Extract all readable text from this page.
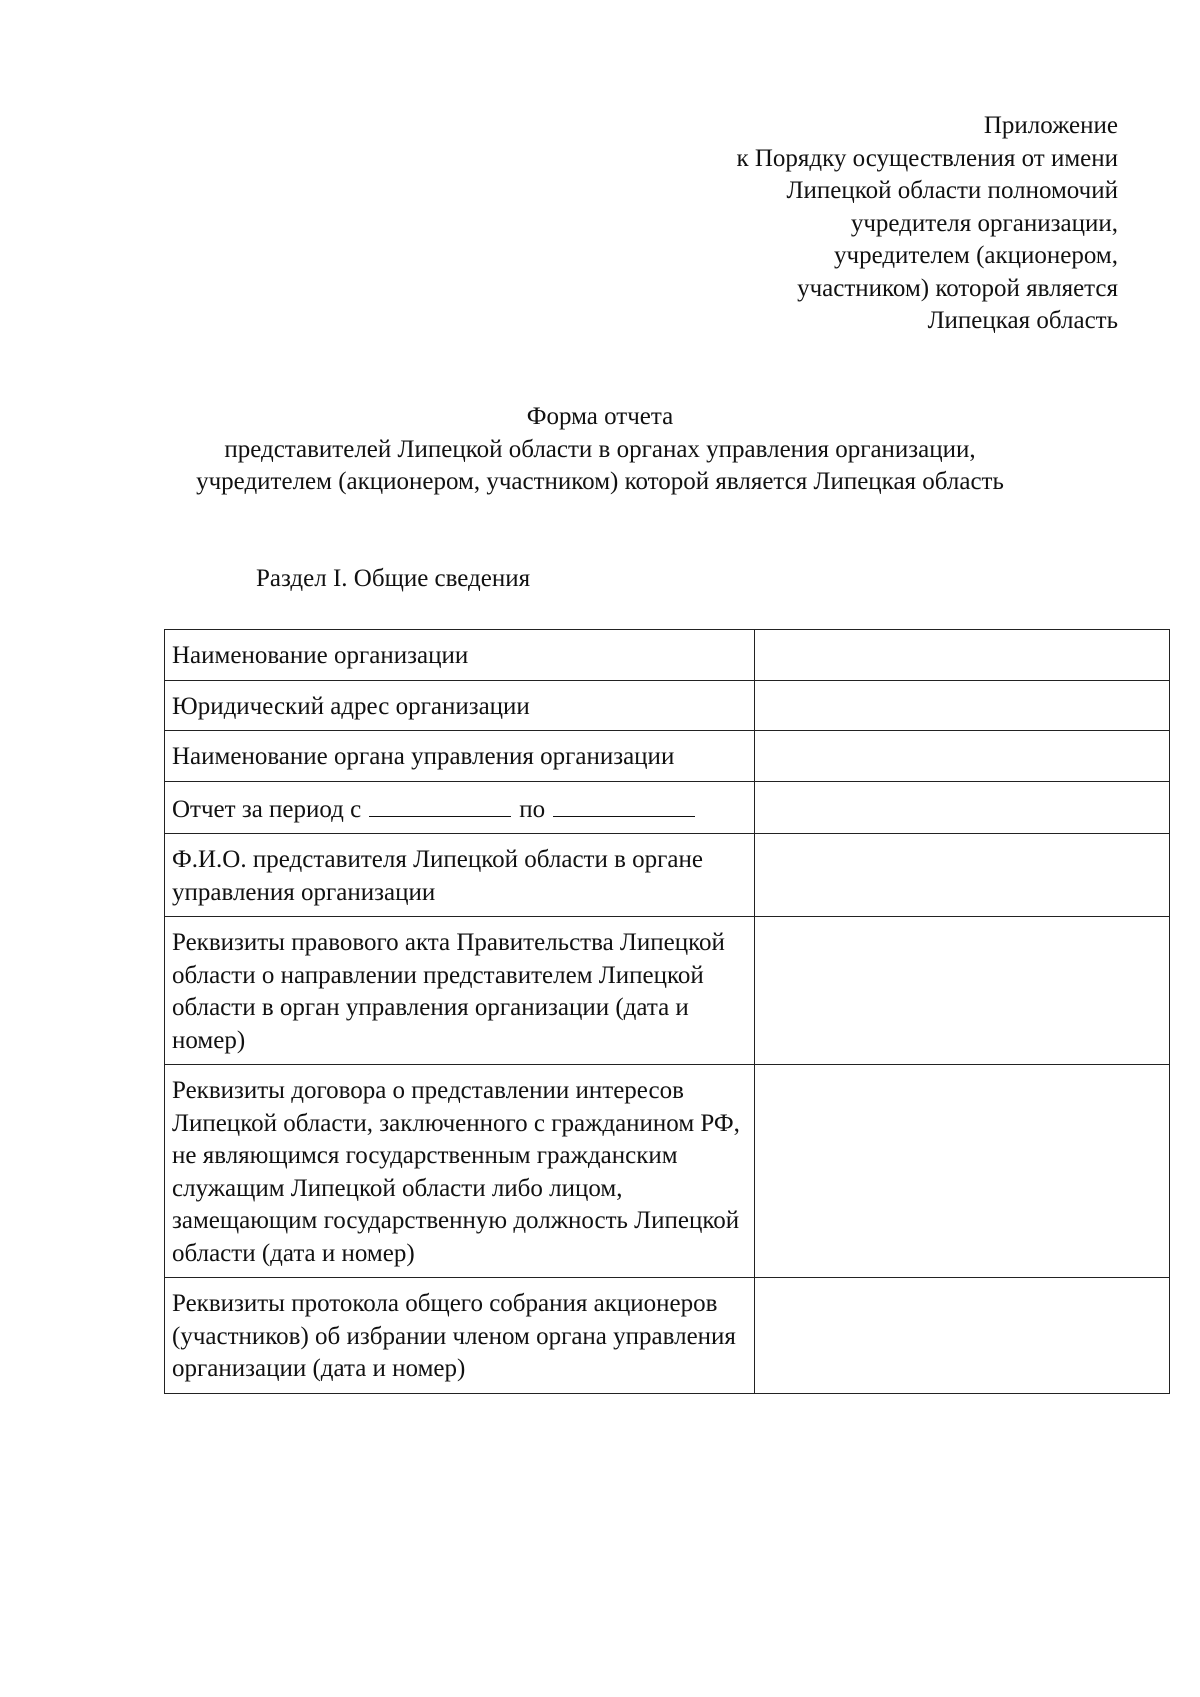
Приложение
к Порядку осуществления от имени
Липецкой области полномочий
учредителя организации,
учредителем (акционером,
участником) которой является
Липецкая область
Форма отчета
представителей Липецкой области в органах управления организации,
учредителем (акционером, участником) которой является Липецкая область
Раздел I. Общие сведения
Наименование организации	
Юридический адрес организации	
Наименование органа управления организации	
Отчет за период с по	
Ф.И.О. представителя Липецкой области в органе управления организации	
Реквизиты правового акта Правительства Липецкой области о направлении представителем Липецкой области в орган управления организации (дата и номер)	
Реквизиты договора о представлении интересов Липецкой области, заключенного с гражданином РФ, не являющимся государственным гражданским служащим Липецкой области либо лицом, замещающим государственную должность Липецкой области (дата и номер)	
Реквизиты протокола общего собрания акционеров (участников) об избрании членом органа управления организации (дата и номер)	
